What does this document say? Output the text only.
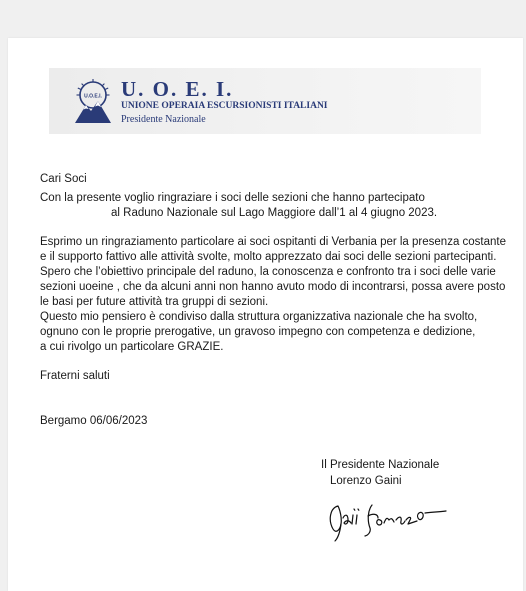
U.O.E.I. U. O. E. I.
UNIONE OPERAIA ESCURSIONISTI ITALIANI
Presidente Nazionale
Cari Soci
Con la presente voglio ringraziare i soci delle sezioni che hanno partecipato
al Raduno Nazionale sul Lago Maggiore dall’1 al 4 giugno 2023.
Esprimo un ringraziamento particolare ai soci ospitanti di Verbania per la presenza costante
e il supporto fattivo alle attività svolte, molto apprezzato dai soci delle sezioni partecipanti.
Spero che l’obiettivo principale del raduno, la conoscenza e confronto tra i soci delle varie
sezioni uoeine , che da alcuni anni non hanno avuto modo di incontrarsi, possa avere posto
le basi per future attività tra gruppi di sezioni.
Questo mio pensiero è condiviso dalla struttura organizzativa nazionale che ha svolto,
ognuno con le proprie prerogative, un gravoso impegno con competenza e dedizione,
a cui rivolgo un particolare GRAZIE.
Fraterni saluti
Bergamo 06/06/2023
Il Presidente Nazionale
Lorenzo Gaini
